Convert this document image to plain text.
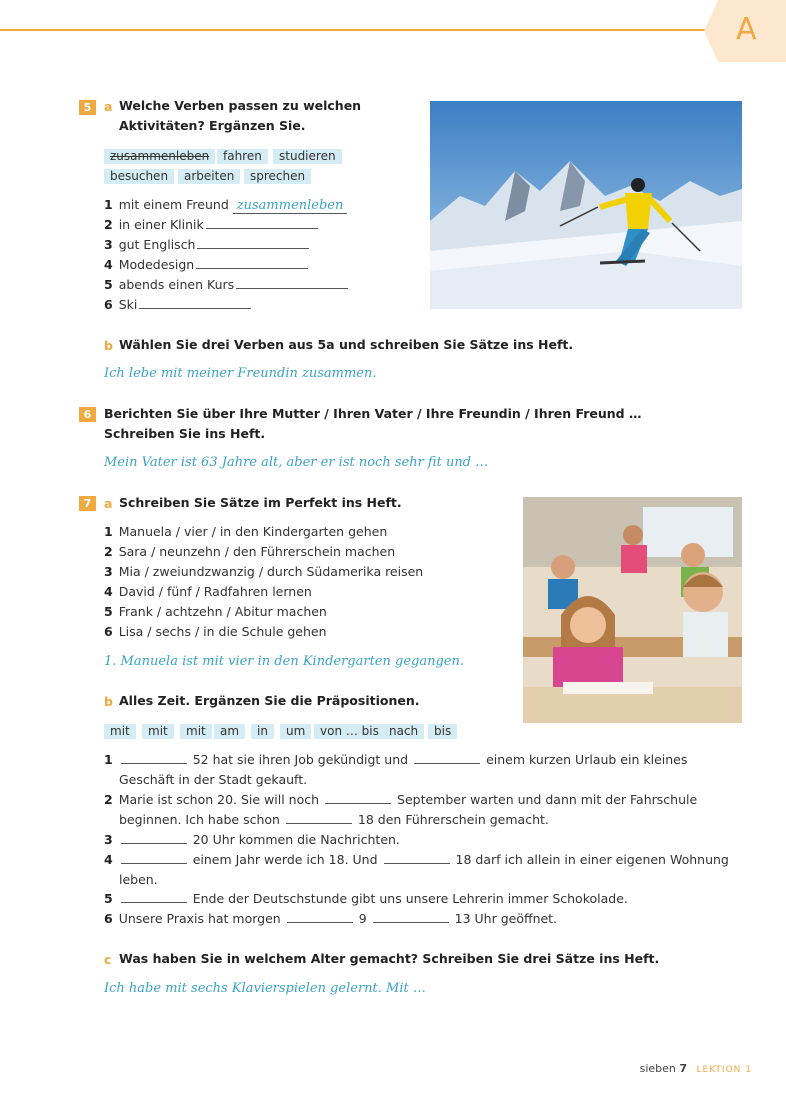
A
5	a Welche Verben passen zu welchen
Aktivitäten? Ergänzen Sie.
zusammenleben	fahren	studieren
besuchen	arbeiten	sprechen
1 mit einem Freund zusammenleben
2 in einer Klinik
3 gut Englisch
4 Modedesign
5 abends einen Kurs
6 Ski
b Wählen Sie drei Verben aus 5a und schreiben Sie Sätze ins Heft.
Ich lebe mit meiner Freundin zusammen.
6	Berichten Sie über Ihre Mutter / Ihren Vater / Ihre Freundin / Ihren Freund …
Schreiben Sie ins Heft.
Mein Vater ist 63 Jahre alt, aber er ist noch sehr fit und …
7	a Schreiben Sie Sätze im Perfekt ins Heft.
1 Manuela / vier / in den Kindergarten gehen
2 Sara / neunzehn / den Führerschein machen
3 Mia / zweiundzwanzig / durch Südamerika reisen
4 David / fünf / Radfahren lernen
5 Frank / achtzehn / Abitur machen
6 Lisa / sechs / in die Schule gehen
1. Manuela ist mit vier in den Kindergarten gegangen.
b Alles Zeit. Ergänzen Sie die Präpositionen.
mit	mit	mit	am	in	um	von … bis nach	bis
1	52 hat sie ihren Job gekündigt und	einem kurzen Urlaub ein kleines
Geschäft in der Stadt gekauft.
2 Marie ist schon 20. Sie will noch	September warten und dann mit der Fahrschule
beginnen. Ich habe schon	18 den Führerschein gemacht.
3	20 Uhr kommen die Nachrichten.
4	einem Jahr werde ich 18. Und	18 darf ich allein in einer eigenen Wohnung
leben.
5	Ende der Deutschstunde gibt uns unsere Lehrerin immer Schokolade.
6 Unsere Praxis hat morgen	9	13 Uhr geöffnet.
c Was haben Sie in welchem Alter gemacht? Schreiben Sie drei Sätze ins Heft.
Ich habe mit sechs Klavierspielen gelernt. Mit …
sieben 7 LEKTION 1
